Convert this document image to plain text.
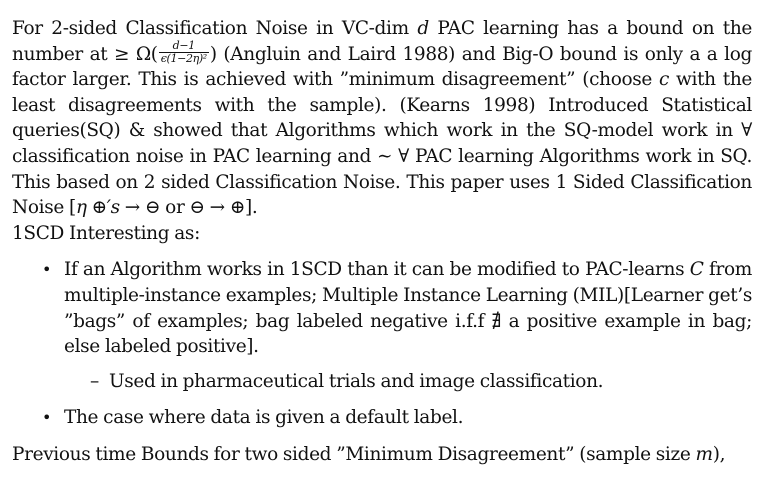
For 2-sided Classification Noise in VC-dim d PAC learning has a bound on the number at ≥ $\Omega( \frac{d-1}{\text{ϵ(1−2η)²}}$ ) (Angluin and Laird 1988) and Big-O bound is only a a log factor larger. This is achieved with ”minimum disagreement” (choose c with the least disagreements with the sample). (Kearns 1998) Introduced Statistical queries(SQ) & showed that Algorithms which work in the SQ-model work in ∀ classification noise in PAC learning and ∼ ∀ PAC learning Algorithms work in SQ. This based on 2 sided Classification Noise. This paper uses 1 Sided Classification Noise [η ⊕′s → ⊖ or ⊖ → ⊕].

1SCD Interesting as:

• If an Algorithm works in 1SCD than it can be modified to PAC-learns C from multiple-instance examples; Multiple Instance Learning (MIL)[Learner get’s ”bags” of examples; bag labeled negative i.f.f ∄ a positive example in bag; else labeled positive].
– Used in pharmaceutical trials and image classification.
• The case where data is given a default label.

Previous time Bounds for two sided ”Minimum Disagreement” (sample size m),
